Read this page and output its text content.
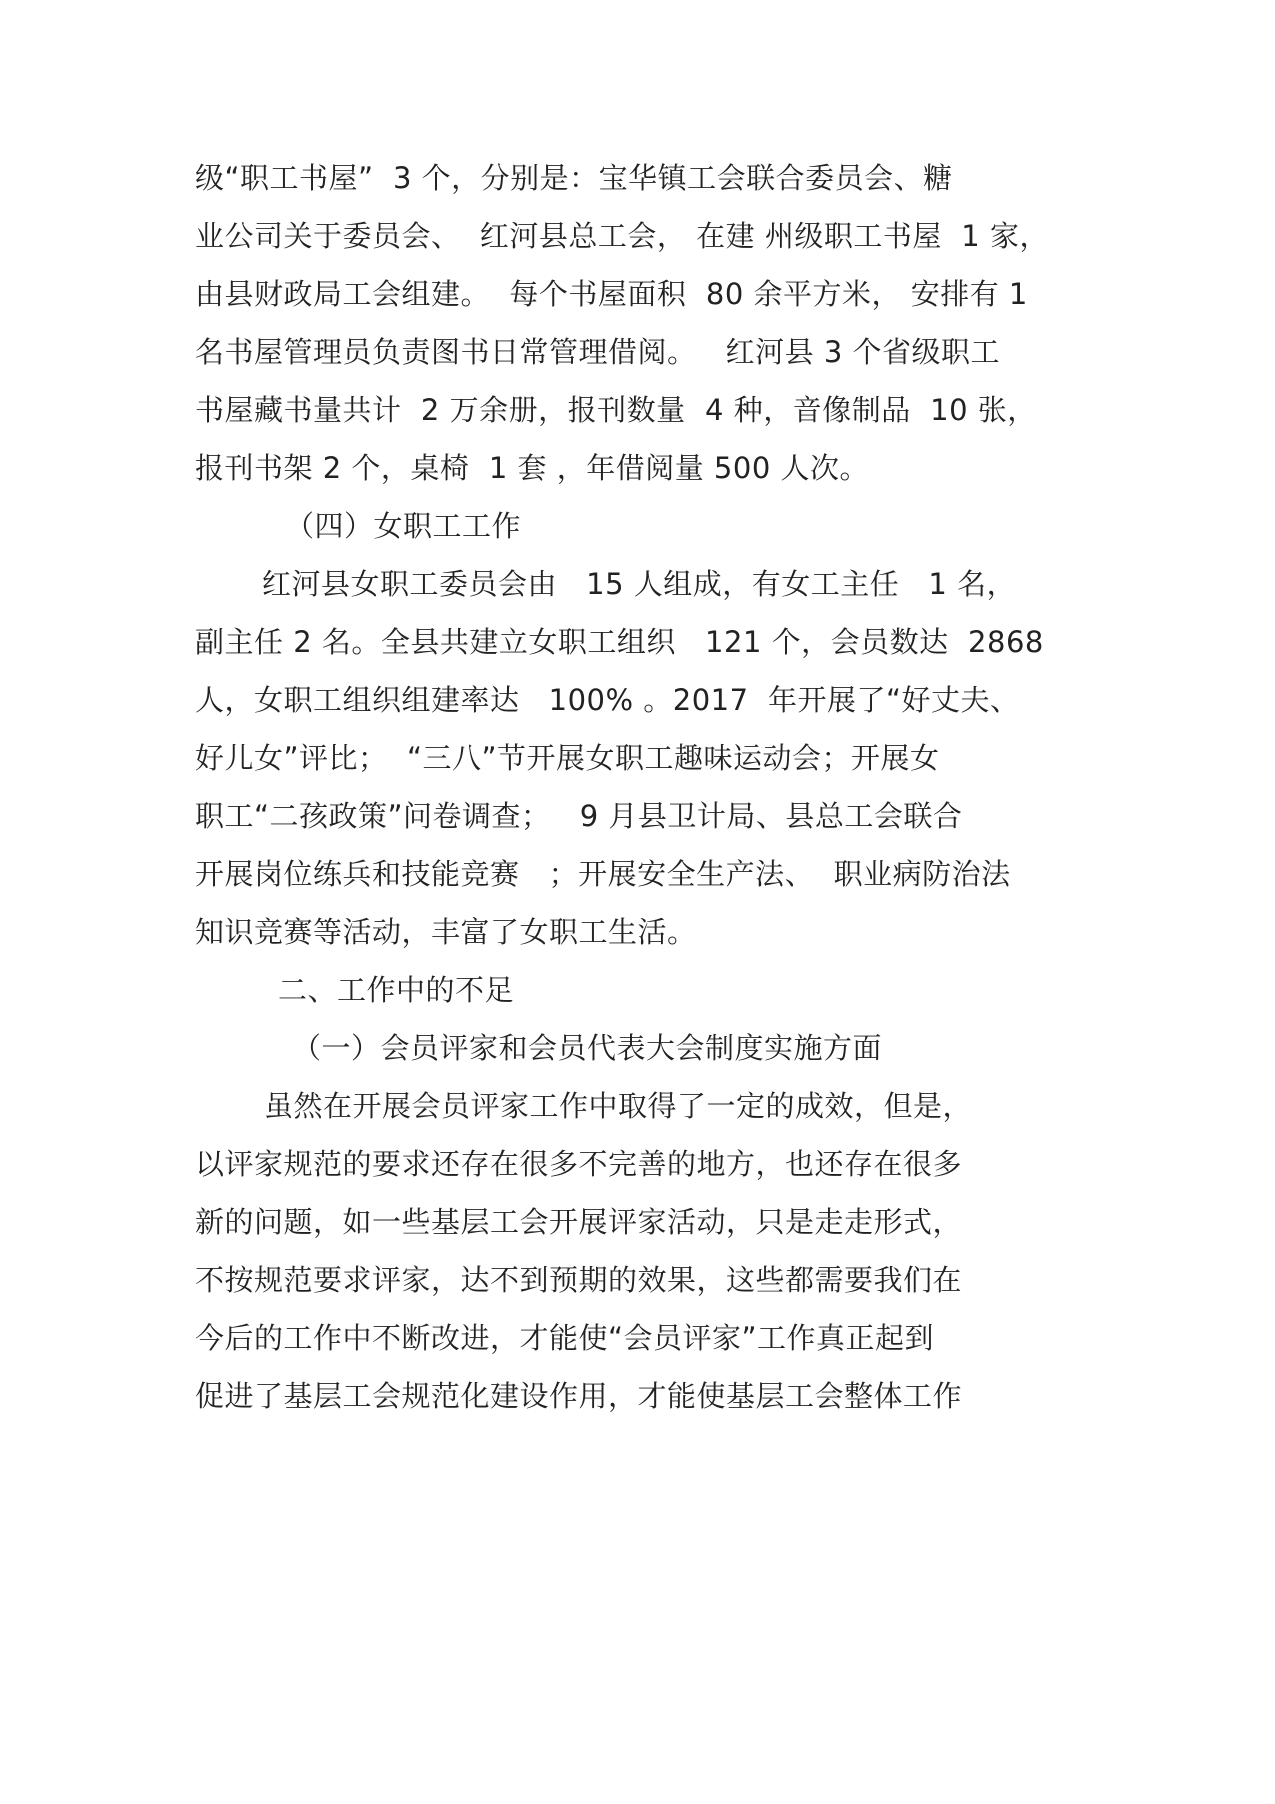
级“职工书屋”  3 个，分别是：宝华镇工会联合委员会、糖
业公司关于委员会、  红河县总工会， 在建 州级职工书屋  1 家，
由县财政局工会组建。  每个书屋面积  80 余平方米， 安排有 1
名书屋管理员负责图书日常管理借阅。   红河县 3 个省级职工
书屋藏书量共计  2 万余册，报刊数量  4 种，音像制品  10 张，
报刊书架 2 个，桌椅  1 套 ，年借阅量 500 人次。
（四）女职工工作
红河县女职工委员会由   15 人组成，有女工主任   1 名，
副主任 2 名。全县共建立女职工组织   121 个，会员数达  2868
人，女职工组织组建率达   100% 。2017  年开展了“好丈夫、
好儿女”评比；  “三八”节开展女职工趣味运动会；开展女
职工“二孩政策”问卷调查；   9 月县卫计局、县总工会联合
开展岗位练兵和技能竞赛   ；开展安全生产法、  职业病防治法
知识竞赛等活动，丰富了女职工生活。
二、工作中的不足
（一）会员评家和会员代表大会制度实施方面
虽然在开展会员评家工作中取得了一定的成效，但是，
以评家规范的要求还存在很多不完善的地方，也还存在很多
新的问题，如一些基层工会开展评家活动，只是走走形式，
不按规范要求评家，达不到预期的效果，这些都需要我们在
今后的工作中不断改进，才能使“会员评家”工作真正起到
促进了基层工会规范化建设作用，才能使基层工会整体工作
